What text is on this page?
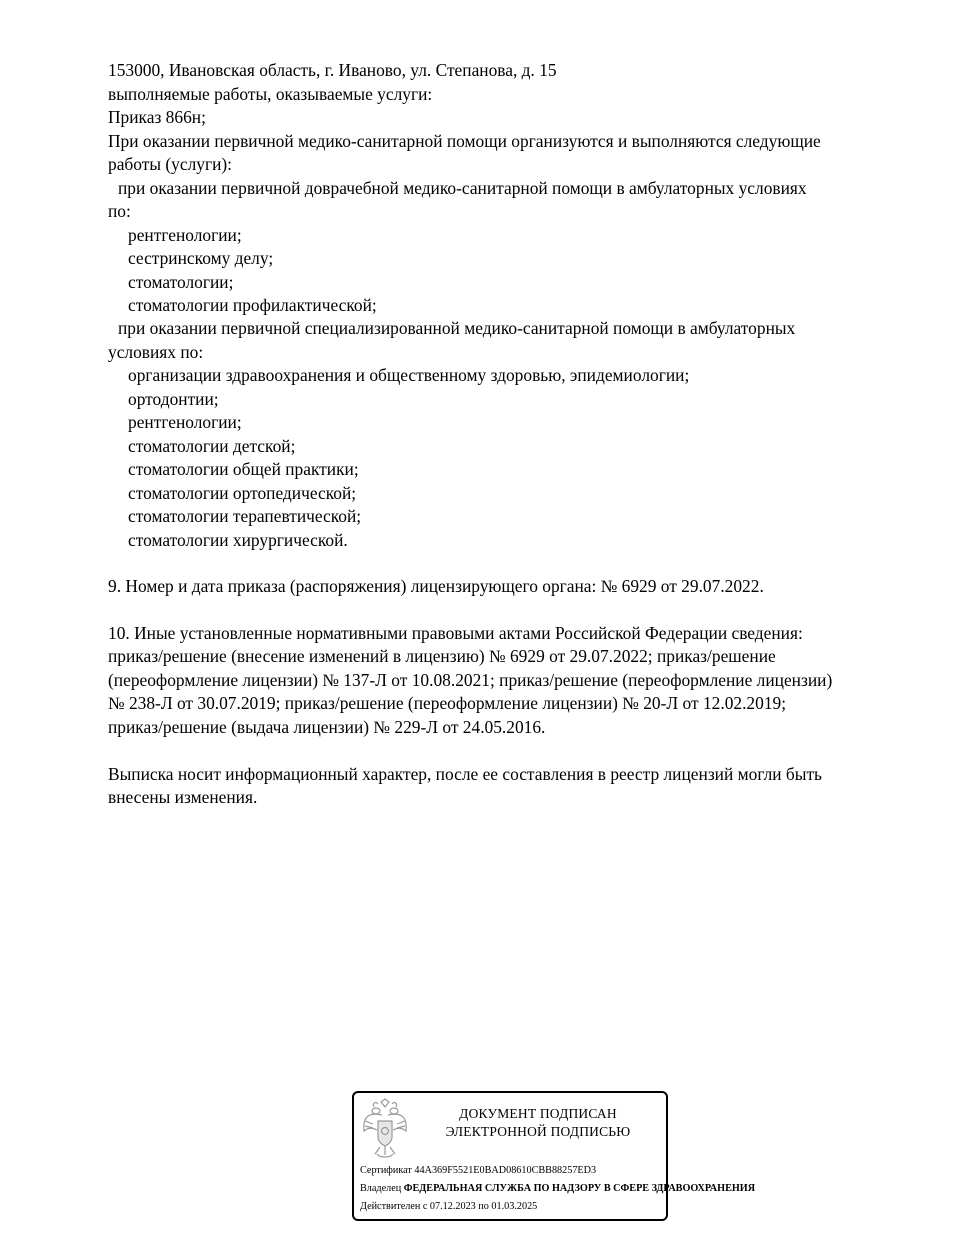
153000, Ивановская область, г. Иваново, ул. Степанова, д. 15
выполняемые работы, оказываемые услуги:
Приказ 866н;
При оказании первичной медико-санитарной помощи организуются и выполняются следующие
работы (услуги):
при оказании первичной доврачебной медико-санитарной помощи в амбулаторных условиях
по:
рентгенологии;
сестринскому делу;
стоматологии;
стоматологии профилактической;
при оказании первичной специализированной медико-санитарной помощи в амбулаторных
условиях по:
организации здравоохранения и общественному здоровью, эпидемиологии;
ортодонтии;
рентгенологии;
стоматологии детской;
стоматологии общей практики;
стоматологии ортопедической;
стоматологии терапевтической;
стоматологии хирургической.
9. Номер и дата приказа (распоряжения) лицензирующего органа: № 6929 от 29.07.2022.
10. Иные установленные нормативными правовыми актами Российской Федерации сведения:
приказ/решение (внесение изменений в лицензию) № 6929 от 29.07.2022; приказ/решение
(переоформление лицензии) № 137-Л от 10.08.2021; приказ/решение (переоформление лицензии)
№ 238-Л от 30.07.2019; приказ/решение (переоформление лицензии) № 20-Л от 12.02.2019;
приказ/решение (выдача лицензии) № 229-Л от 24.05.2016.
Выписка носит информационный характер, после ее составления в реестр лицензий могли быть
внесены изменения.
ДОКУМЕНТ ПОДПИСАН
ЭЛЕКТРОННОЙ ПОДПИСЬЮ
Сертификат 44A369F5521E0BAD08610CBB88257ED3
Владелец ФЕДЕРАЛЬНАЯ СЛУЖБА ПО НАДЗОРУ В СФЕРЕ ЗДРАВООХРАНЕНИЯ
Действителен с 07.12.2023 по 01.03.2025
